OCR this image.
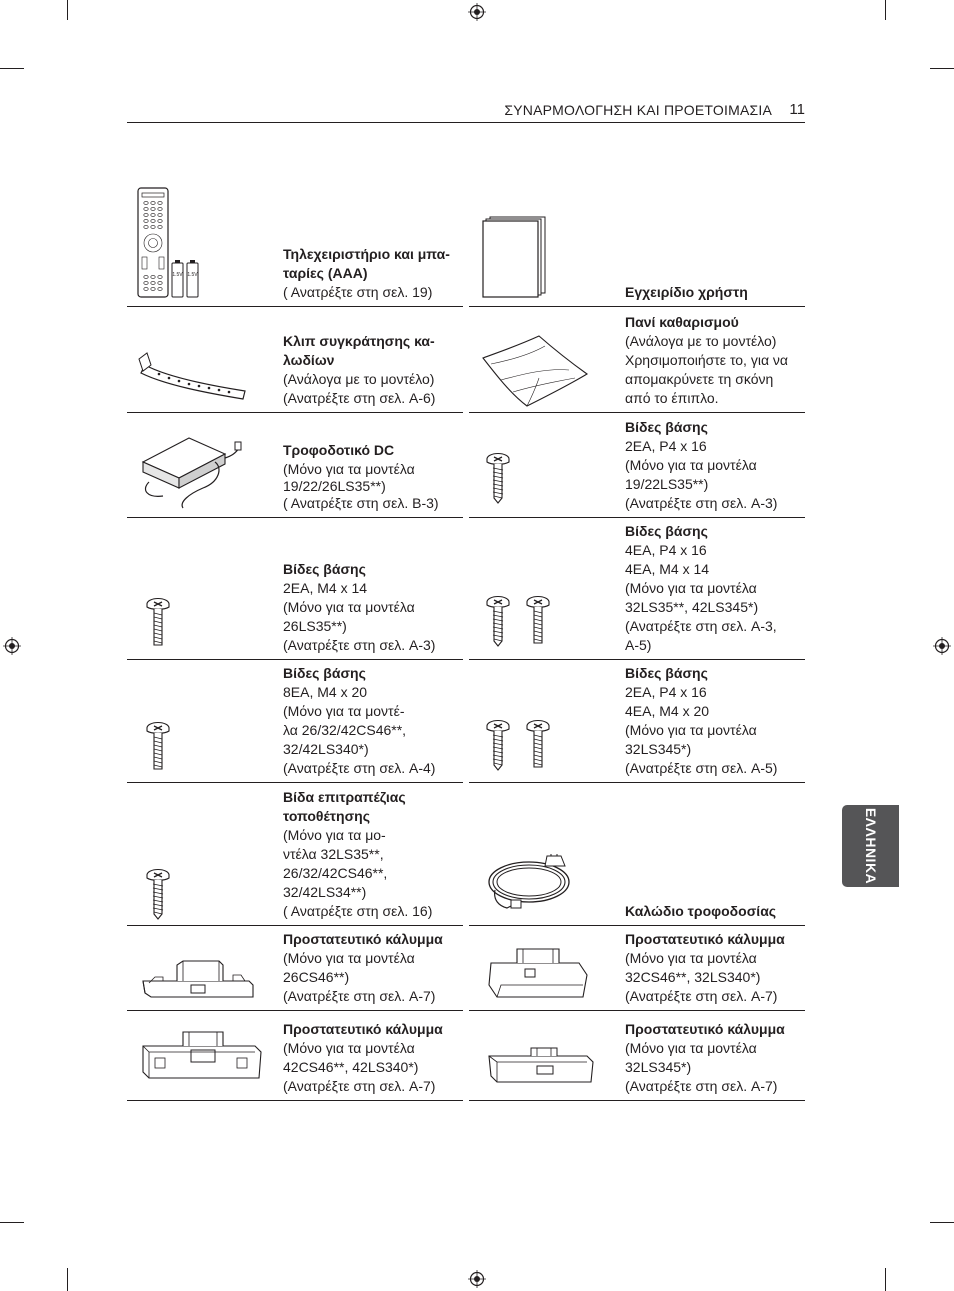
ΣΥΝΑΡΜΟΛΟΓΗΣΗ ΚΑΙ ΠΡΟΕΤΟΙΜΑΣΙΑ 11
ΕΛΛΗΝΙΚΑ
1.5V 1.5V
Τηλεχειριστήριο και μπα-
ταρίες (AAA)
( Ανατρέξτε στη σελ. 19)	Εγχειρίδιο χρήστη
Κλιπ συγκράτησης κα-
λωδίων
(Ανάλογα με το μοντέλο)
(Ανατρέξτε στη σελ. A-6)
Πανί καθαρισμού
(Ανάλογα με το μοντέλο)
Χρησιμοποιήστε το, για να
απομακρύνετε τη σκόνη
από το έπιπλο.
Τροφοδοτικό DC
(Μόνο για τα μοντέλα
19/22/26LS35**)
( Ανατρέξτε στη σελ. B-3)
Βίδες βάσης
2EA, P4 x 16
(Μόνο για τα μοντέλα
19/22LS35**)
(Ανατρέξτε στη σελ. A-3)
Βίδες βάσης
2EA, M4 x 14
(Μόνο για τα μοντέλα
26LS35**)
(Ανατρέξτε στη σελ. A-3)
Βίδες βάσης
4EA, P4 x 16
4EA, M4 x 14
(Μόνο για τα μοντέλα
32LS35**, 42LS345*)
(Ανατρέξτε στη σελ. A-3,
A-5)
Βίδες βάσης
8EA, M4 x 20
(Μόνο για τα μοντέ-
λα 26/32/42CS46**,
32/42LS340*)
(Ανατρέξτε στη σελ. A-4)
Βίδες βάσης
2EA, P4 x 16
4EA, M4 x 20
(Μόνο για τα μοντέλα
32LS345*)
(Ανατρέξτε στη σελ. A-5)
Βίδα επιτραπέζιας
τοποθέτησης
(Μόνο για τα μο-
ντέλα 32LS35**,
26/32/42CS46**,
32/42LS34**)
( Ανατρέξτε στη σελ. 16)	Καλώδιο τροφοδοσίας
Προστατευτικό κάλυμμα
(Μόνο για τα μοντέλα
26CS46**)
(Ανατρέξτε στη σελ. A-7)
Προστατευτικό κάλυμμα
(Μόνο για τα μοντέλα
32CS46**, 32LS340*)
(Ανατρέξτε στη σελ. A-7)
Προστατευτικό κάλυμμα
(Μόνο για τα μοντέλα
42CS46**, 42LS340*)
(Ανατρέξτε στη σελ. A-7)
Προστατευτικό κάλυμμα
(Μόνο για τα μοντέλα
32LS345*)
(Ανατρέξτε στη σελ. A-7)
